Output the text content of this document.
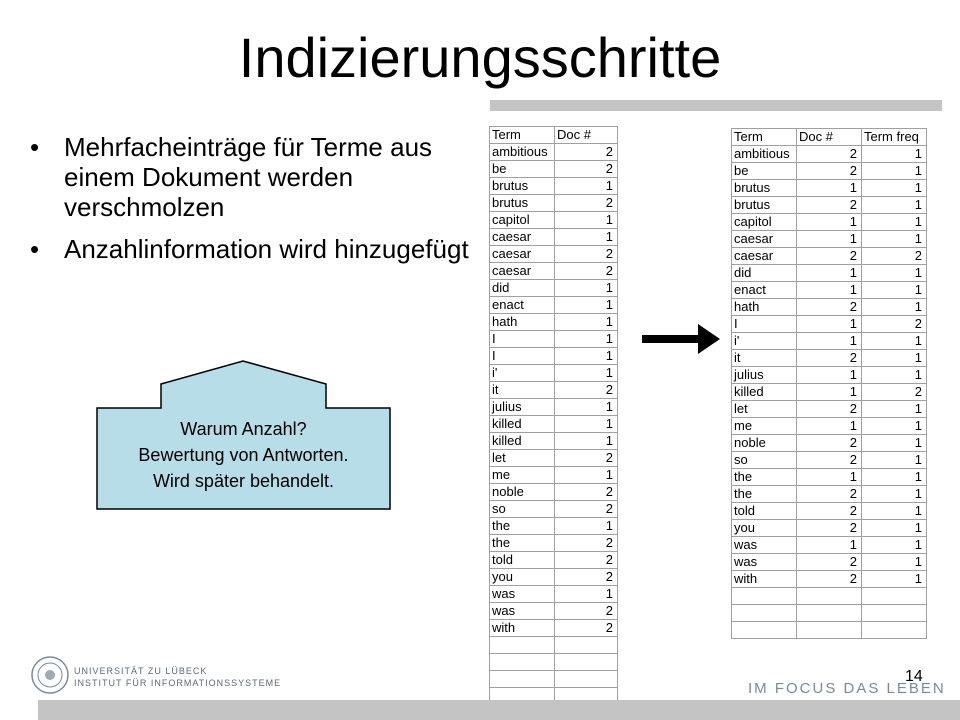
Indizierungsschritte
• Mehrfacheinträge für Terme aus einem Dokument werden verschmolzen
• Anzahlinformation wird hinzugefügt
Warum Anzahl?
Bewertung von Antworten.
Wird später behandelt.
Term	Doc #
ambitious	2
be	2
brutus	1
brutus	2
capitol	1
caesar	1
caesar	2
caesar	2
did	1
enact	1
hath	1
I	1
I	1
i'	1
it	2
julius	1
killed	1
killed	1
let	2
me	1
noble	2
so	2
the	1
the	2
told	2
you	2
was	1
was	2
with	2

Term	Doc #	Term freq
ambitious	2	1
be	2	1
brutus	1	1
brutus	2	1
capitol	1	1
caesar	1	1
caesar	2	2
did	1	1
enact	1	1
hath	2	1
I	1	2
i'	1	1
it	2	1
julius	1	1
killed	1	2
let	2	1
me	1	1
noble	2	1
so	2	1
the	1	1
the	2	1
told	2	1
you	2	1
was	1	1
was	2	1
with	2	1

UNIVERSITÄT ZU LÜBECK
INSTITUT FÜR INFORMATIONSSYSTEME	IM FOCUS DAS LEBEN
14
